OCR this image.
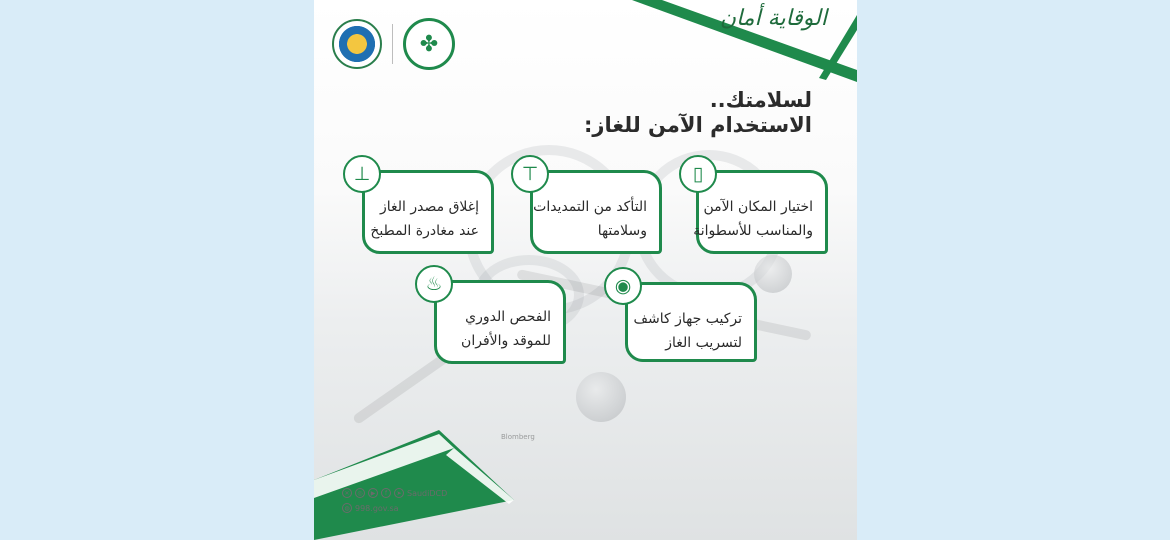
Blomberg
✤
الوقاية أمان
لسلامتك..
الاستخدام الآمن للغاز:
اختيار المكان الآمن
والمناسب للأسطوانة
▯
التأكد من التمديدات
وسلامتها
⊤
إغلاق مصدر الغاز
عند مغادرة المطبخ
⊥
تركيب جهاز كاشف
لتسريب الغاز
◉
الفحص الدوري
للموقد والأفران
♨
✕	◎	▶	f	➤ SaudiDCD
◍ 998.gov.sa
